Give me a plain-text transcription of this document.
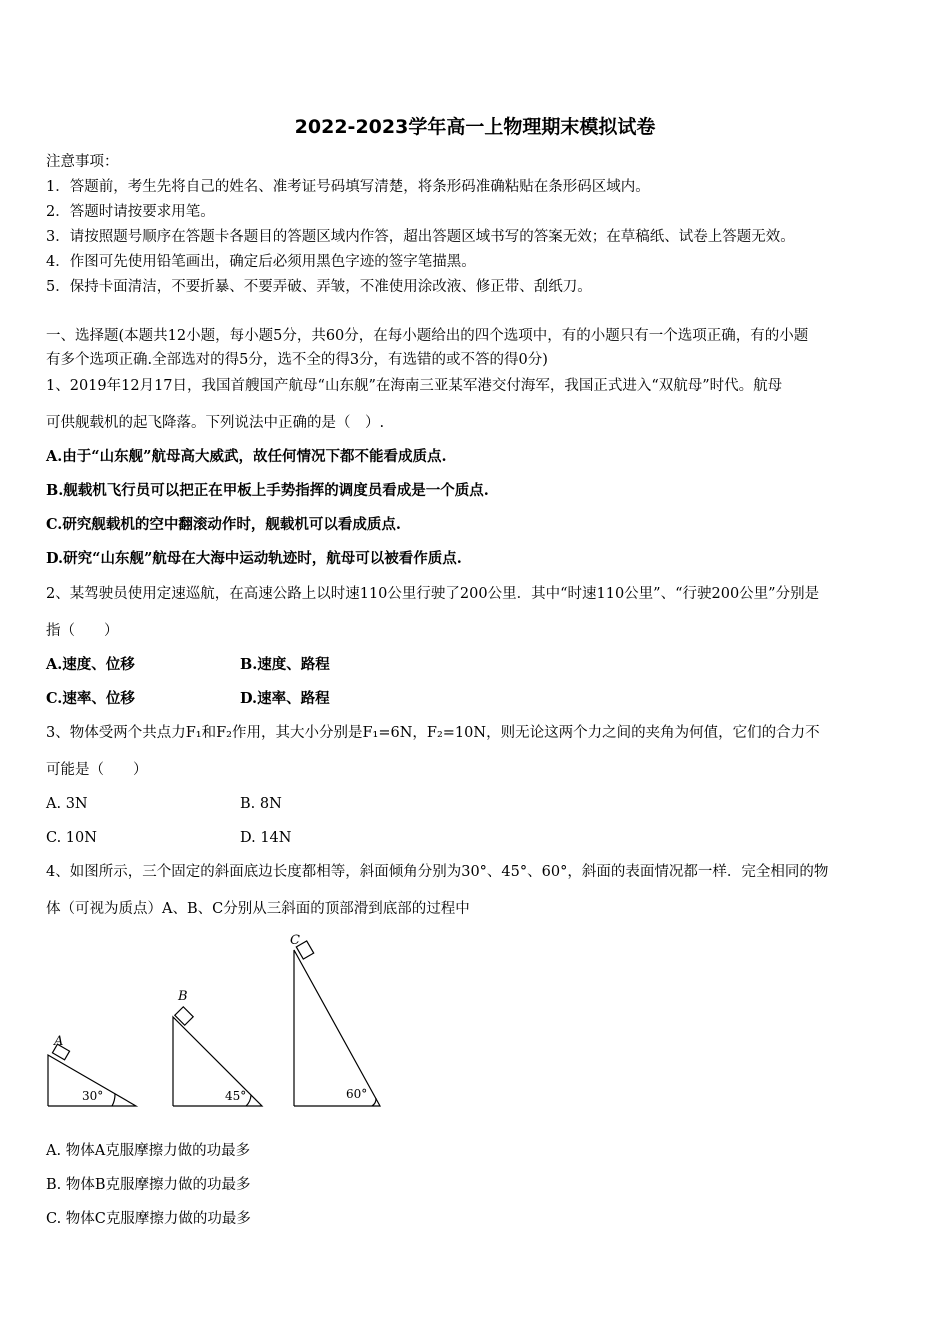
2022-2023学年高一上物理期末模拟试卷
注意事项：
1．答题前，考生先将自己的姓名、准考证号码填写清楚，将条形码准确粘贴在条形码区域内。
2．答题时请按要求用笔。
3．请按照题号顺序在答题卡各题目的答题区域内作答，超出答题区域书写的答案无效；在草稿纸、试卷上答题无效。
4．作图可先使用铅笔画出，确定后必须用黑色字迹的签字笔描黑。
5．保持卡面清洁，不要折暴、不要弄破、弄皱，不准使用涂改液、修正带、刮纸刀。
一、选择题(本题共12小题，每小题5分，共60分，在每小题给出的四个选项中，有的小题只有一个选项正确，有的小题
有多个选项正确.全部选对的得5分，选不全的得3分，有选错的或不答的得0分)
1、2019年12月17日，我国首艘国产航母“山东舰”在海南三亚某军港交付海军，我国正式进入“双航母”时代。航母
可供舰载机的起飞降落。下列说法中正确的是（　）.
A.由于“山东舰”航母高大威武，故任何情况下都不能看成质点.
B.舰载机飞行员可以把正在甲板上手势指挥的调度员看成是一个质点.
C.研究舰载机的空中翻滚动作时，舰载机可以看成质点.
D.研究“山东舰”航母在大海中运动轨迹时，航母可以被看作质点.
2、某驾驶员使用定速巡航，在高速公路上以时速110公里行驶了200公里．其中“时速110公里”、“行驶200公里”分别是
指（　　）
A.速度、位移	B.速度、路程
C.速率、位移	D.速率、路程
3、物体受两个共点力F₁和F₂作用，其大小分别是F₁=6N，F₂=10N，则无论这两个力之间的夹角为何值，它们的合力不
可能是（　　）
A. 3N	B. 8N
C. 10N	D. 14N
4、如图所示，三个固定的斜面底边长度都相等，斜面倾角分别为30°、45°、60°，斜面的表面情况都一样．完全相同的物
体（可视为质点）A、B、C分别从三斜面的顶部滑到底部的过程中
A
30°
B
45°
C
60°
A. 物体A克服摩擦力做的功最多
B. 物体B克服摩擦力做的功最多
C. 物体C克服摩擦力做的功最多
